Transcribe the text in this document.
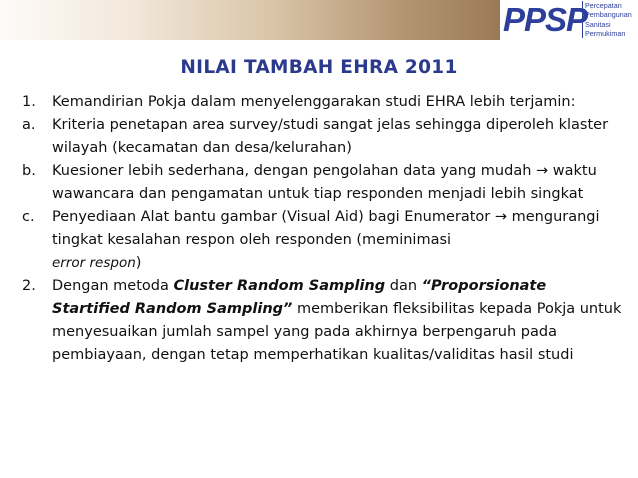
PPSP
Percepatan
Pembangunan
Sanitasi
Permukiman
NILAI TAMBAH EHRA 2011
1. Kemandirian Pokja dalam menyelenggarakan studi EHRA lebih terjamin:
a. Kriteria penetapan area survey/studi sangat jelas sehingga diperoleh klaster wilayah (kecamatan dan desa/kelurahan)
b. Kuesioner lebih sederhana, dengan pengolahan data yang mudah → waktu wawancara dan pengamatan untuk tiap responden menjadi lebih singkat
c. Penyediaan Alat bantu gambar (Visual Aid) bagi Enumerator → mengurangi tingkat kesalahan respon oleh responden (meminimasi
error respon)
2. Dengan metoda Cluster Random Sampling dan “Proporsionate Startified Random Sampling” memberikan fleksibilitas kepada Pokja untuk menyesuaikan jumlah sampel yang pada akhirnya berpengaruh pada pembiayaan, dengan tetap memperhatikan kualitas/validitas hasil studi
